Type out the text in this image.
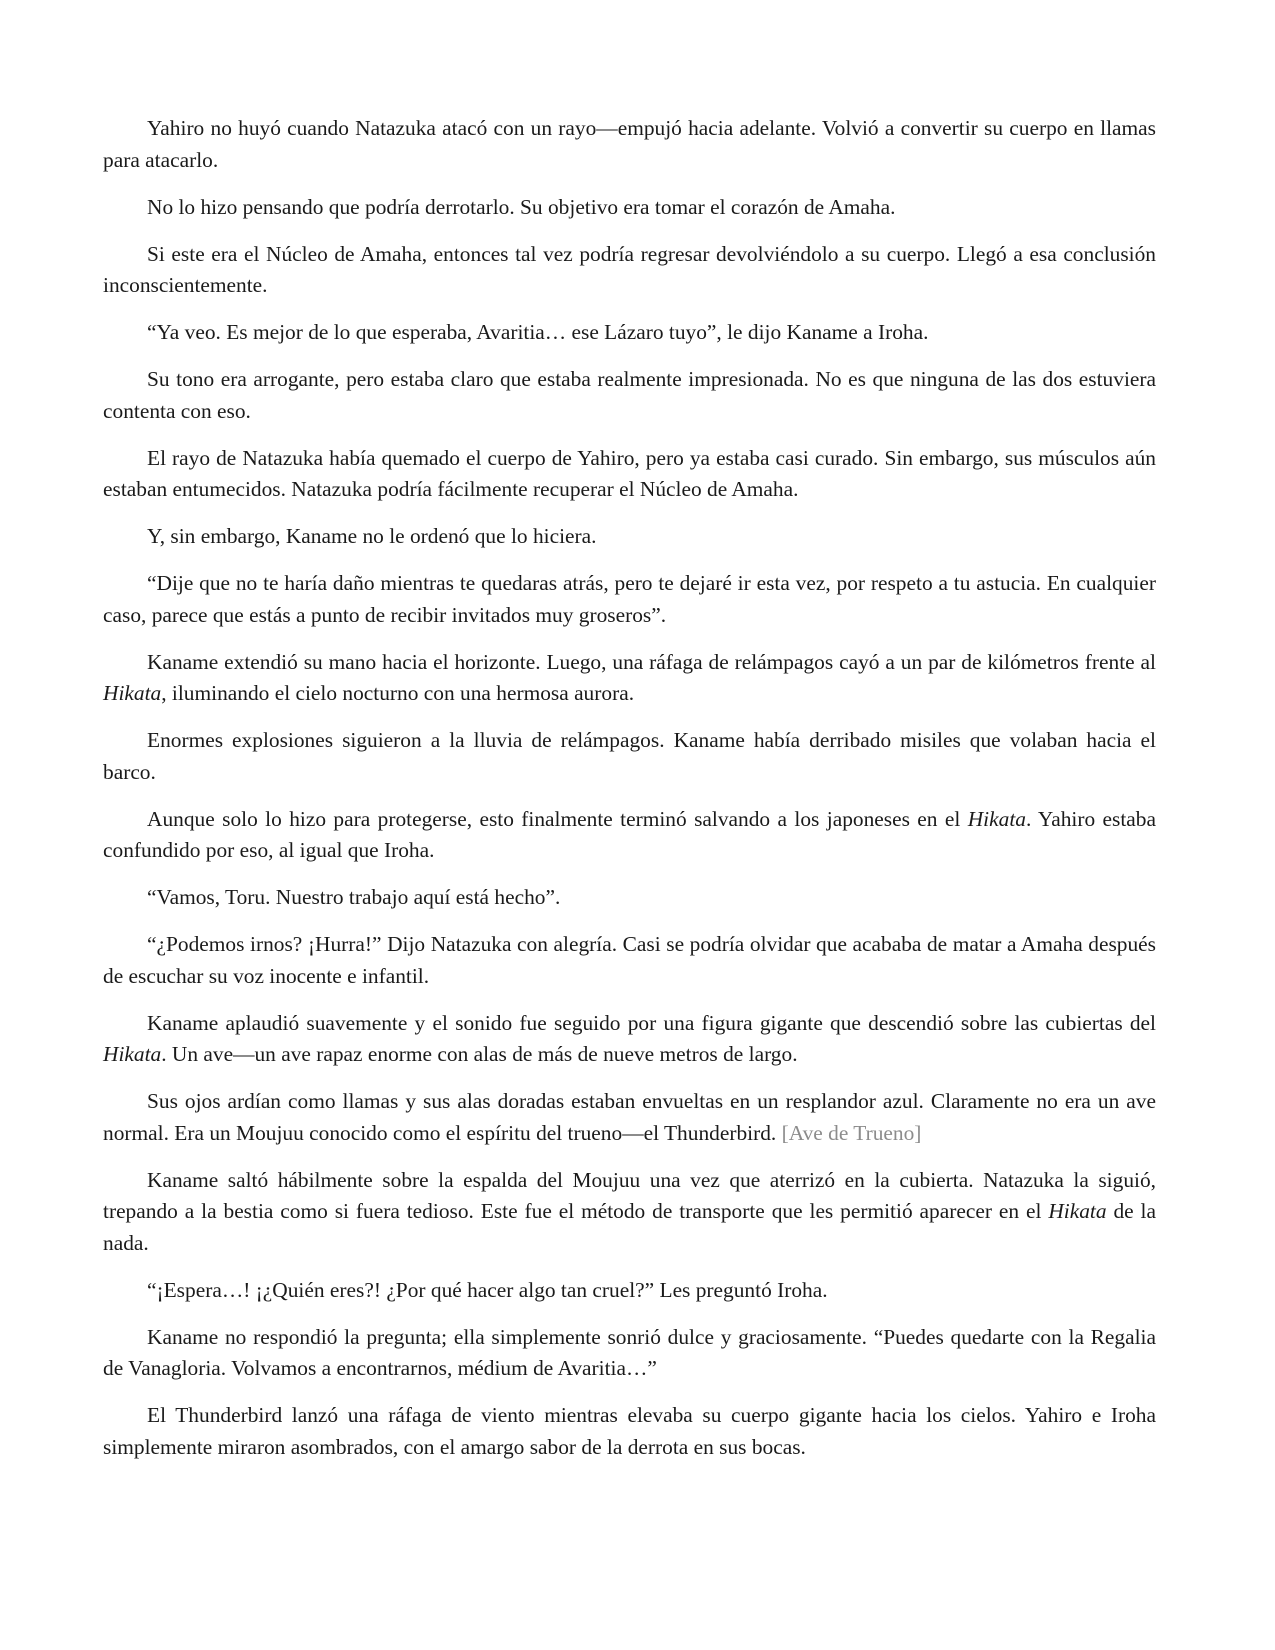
Yahiro no huyó cuando Natazuka atacó con un rayo—empujó hacia adelante. Volvió a convertir su cuerpo en llamas para atacarlo.

No lo hizo pensando que podría derrotarlo. Su objetivo era tomar el corazón de Amaha.

Si este era el Núcleo de Amaha, entonces tal vez podría regresar devolviéndolo a su cuerpo. Llegó a esa conclusión inconscientemente.

“Ya veo. Es mejor de lo que esperaba, Avaritia… ese Lázaro tuyo”, le dijo Kaname a Iroha.

Su tono era arrogante, pero estaba claro que estaba realmente impresionada. No es que ninguna de las dos estuviera contenta con eso.

El rayo de Natazuka había quemado el cuerpo de Yahiro, pero ya estaba casi curado. Sin embargo, sus músculos aún estaban entumecidos. Natazuka podría fácilmente recuperar el Núcleo de Amaha.

Y, sin embargo, Kaname no le ordenó que lo hiciera.

“Dije que no te haría daño mientras te quedaras atrás, pero te dejaré ir esta vez, por respeto a tu astucia. En cualquier caso, parece que estás a punto de recibir invitados muy groseros”.

Kaname extendió su mano hacia el horizonte. Luego, una ráfaga de relámpagos cayó a un par de kilómetros frente al Hikata, iluminando el cielo nocturno con una hermosa aurora.

Enormes explosiones siguieron a la lluvia de relámpagos. Kaname había derribado misiles que volaban hacia el barco.

Aunque solo lo hizo para protegerse, esto finalmente terminó salvando a los japoneses en el Hikata. Yahiro estaba confundido por eso, al igual que Iroha.

“Vamos, Toru. Nuestro trabajo aquí está hecho”.

“¿Podemos irnos? ¡Hurra!” Dijo Natazuka con alegría. Casi se podría olvidar que acababa de matar a Amaha después de escuchar su voz inocente e infantil.

Kaname aplaudió suavemente y el sonido fue seguido por una figura gigante que descendió sobre las cubiertas del Hikata. Un ave—un ave rapaz enorme con alas de más de nueve metros de largo.

Sus ojos ardían como llamas y sus alas doradas estaban envueltas en un resplandor azul. Claramente no era un ave normal. Era un Moujuu conocido como el espíritu del trueno—el Thunderbird. [Ave de Trueno]

Kaname saltó hábilmente sobre la espalda del Moujuu una vez que aterrizó en la cubierta. Natazuka la siguió, trepando a la bestia como si fuera tedioso. Este fue el método de transporte que les permitió aparecer en el Hikata de la nada.

“¡Espera…! ¡¿Quién eres?! ¿Por qué hacer algo tan cruel?” Les preguntó Iroha.

Kaname no respondió la pregunta; ella simplemente sonrió dulce y graciosamente. “Puedes quedarte con la Regalia de Vanagloria. Volvamos a encontrarnos, médium de Avaritia…”

El Thunderbird lanzó una ráfaga de viento mientras elevaba su cuerpo gigante hacia los cielos. Yahiro e Iroha simplemente miraron asombrados, con el amargo sabor de la derrota en sus bocas.
